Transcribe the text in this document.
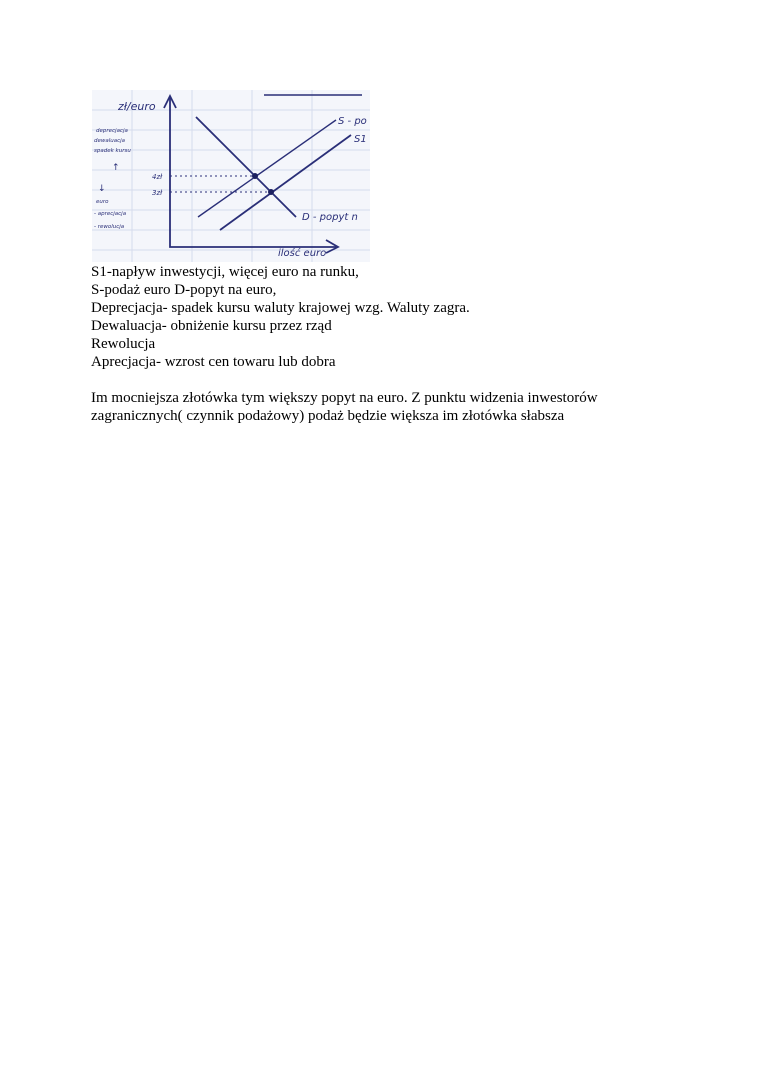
zł/euro
ilość euro
S - po
S1
D - popyt n
4zł
3zł
deprecjacja
dewaluacja
spadek kursu
↑
↓
euro
- aprecjacja
- rewolucja
S1-napływ inwestycji, więcej euro na runku,
S-podaż euro D-popyt na euro,
Deprecjacja- spadek kursu waluty krajowej wzg. Waluty zagra.
Dewaluacja- obniżenie kursu przez rząd
Rewolucja
Aprecjacja- wzrost cen towaru lub dobra
Im mocniejsza złotówka tym większy popyt na euro. Z punktu widzenia inwestorów
zagranicznych( czynnik podażowy) podaż będzie większa im złotówka słabsza
